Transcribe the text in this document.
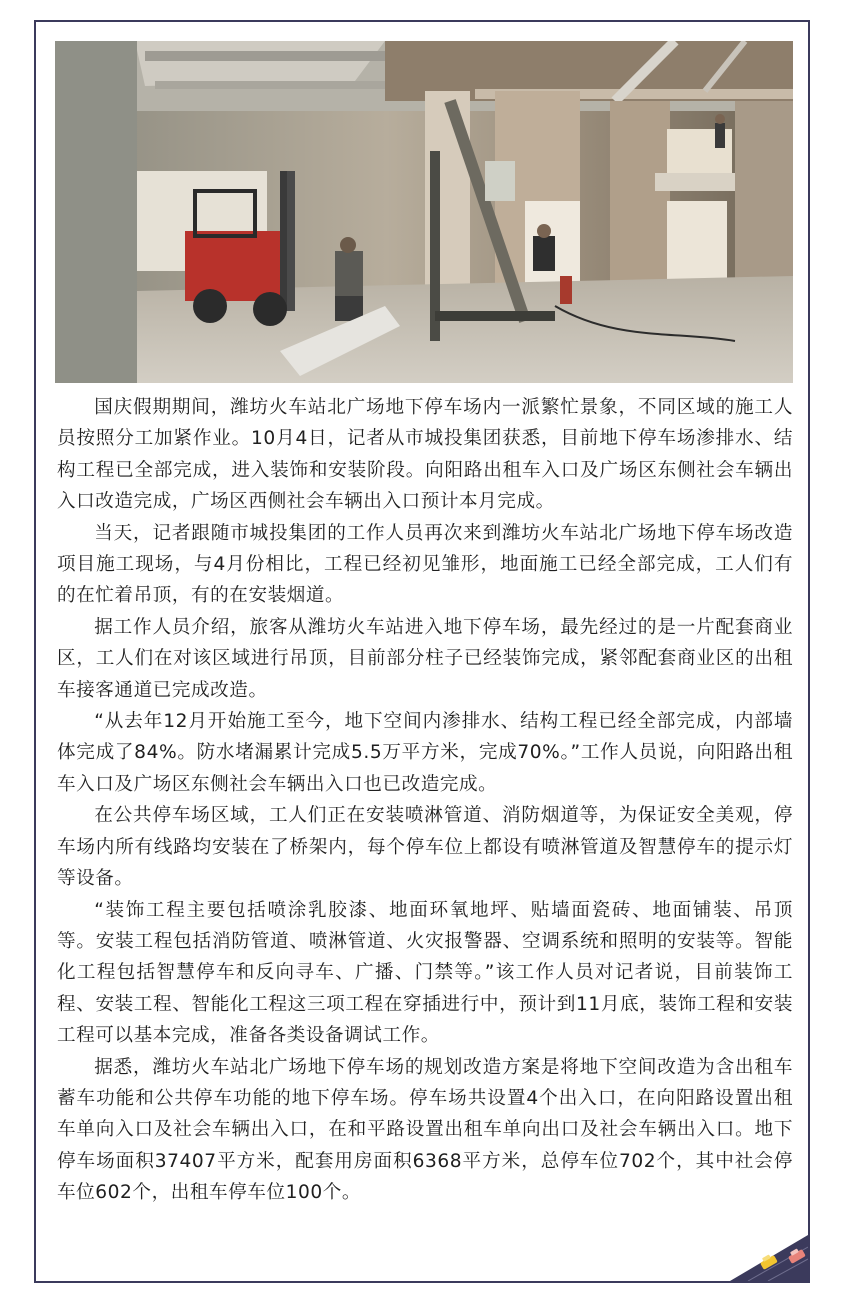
国庆假期期间，潍坊火车站北广场地下停车场内一派繁忙景象，不同区域的施工人员按照分工加紧作业。10月4日，记者从市城投集团获悉，目前地下停车场渗排水、结构工程已全部完成，进入装饰和安装阶段。向阳路出租车入口及广场区东侧社会车辆出入口改造完成，广场区西侧社会车辆出入口预计本月完成。

当天，记者跟随市城投集团的工作人员再次来到潍坊火车站北广场地下停车场改造项目施工现场，与4月份相比，工程已经初见雏形，地面施工已经全部完成，工人们有的在忙着吊顶，有的在安装烟道。

据工作人员介绍，旅客从潍坊火车站进入地下停车场，最先经过的是一片配套商业区，工人们在对该区域进行吊顶，目前部分柱子已经装饰完成，紧邻配套商业区的出租车接客通道已完成改造。

“从去年12月开始施工至今，地下空间内渗排水、结构工程已经全部完成，内部墙体完成了84%。防水堵漏累计完成5.5万平方米，完成70%。”工作人员说，向阳路出租车入口及广场区东侧社会车辆出入口也已改造完成。

在公共停车场区域，工人们正在安装喷淋管道、消防烟道等，为保证安全美观，停车场内所有线路均安装在了桥架内，每个停车位上都设有喷淋管道及智慧停车的提示灯等设备。

“装饰工程主要包括喷涂乳胶漆、地面环氧地坪、贴墙面瓷砖、地面铺装、吊顶等。安装工程包括消防管道、喷淋管道、火灾报警器、空调系统和照明的安装等。智能化工程包括智慧停车和反向寻车、广播、门禁等。”该工作人员对记者说，目前装饰工程、安装工程、智能化工程这三项工程在穿插进行中，预计到11月底，装饰工程和安装工程可以基本完成，准备各类设备调试工作。

据悉，潍坊火车站北广场地下停车场的规划改造方案是将地下空间改造为含出租车蓄车功能和公共停车功能的地下停车场。停车场共设置4个出入口，在向阳路设置出租车单向入口及社会车辆出入口，在和平路设置出租车单向出口及社会车辆出入口。地下停车场面积37407平方米，配套用房面积6368平方米，总停车位702个，其中社会停车位602个，出租车停车位100个。
